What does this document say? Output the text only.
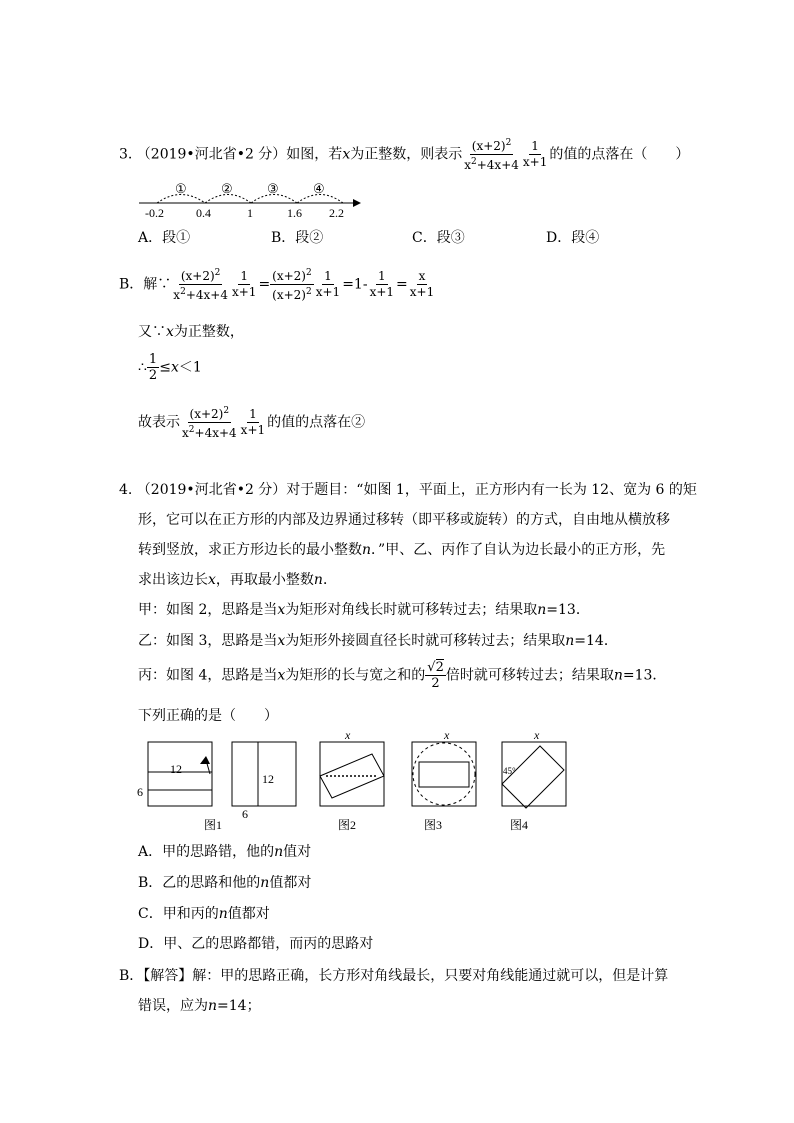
3. （2019•河北省•2 分）如图，若x为正整数，则表示 $\frac{(x+2)^2}{x^2+4x+4} \frac{1}{x+1}$ 的值的点落在（　　）
①	②	③	④
-0.2	0.4	1	1.6 2.2
A．段①	B．段②	C．段③	D．段④
B．解∵ $\frac{(x+2)^2}{x^2+4x+4} \frac{1}{x+1} = \frac{(x+2)^2}{(x+2)^2} \frac{1}{x+1} =1- \frac{1}{x+1} = \frac{x}{x+1}$
又∵x为正整数，
∴ $\frac{1}{2} \le x<1$
故表示 $\frac{(x+2)^2}{x^2+4x+4} \frac{1}{x+1}$ 的值的点落在②
4. （2019•河北省•2 分）对于题目：“如图 1，平面上，正方形内有一长为 12、宽为 6 的矩
形，它可以在正方形的内部及边界通过移转（即平移或旋转）的方式，自由地从横放移
转到竖放，求正方形边长的最小整数n．”甲、乙、丙作了自认为边长最小的正方形，先
求出该边长x，再取最小整数n．
甲：如图 2，思路是当x为矩形对角线长时就可移转过去；结果取n=13．
乙：如图 3，思路是当x为矩形外接圆直径长时就可移转过去；结果取n=14．
丙：如图 4，思路是当x为矩形的长与宽之和的 $\frac{√2}{2}$ 倍时就可移转过去；结果取n=13．
下列正确的是（　　）
12
6
12
6
图1
x
图2
x
图3
x
45°
图4
A．甲的思路错，他的n值对
B．乙的思路和他的n值都对
C．甲和丙的n值都对
D．甲、乙的思路都错，而丙的思路对
B．【解答】解：甲的思路正确，长方形对角线最长，只要对角线能通过就可以，但是计算
错误，应为n=14；
